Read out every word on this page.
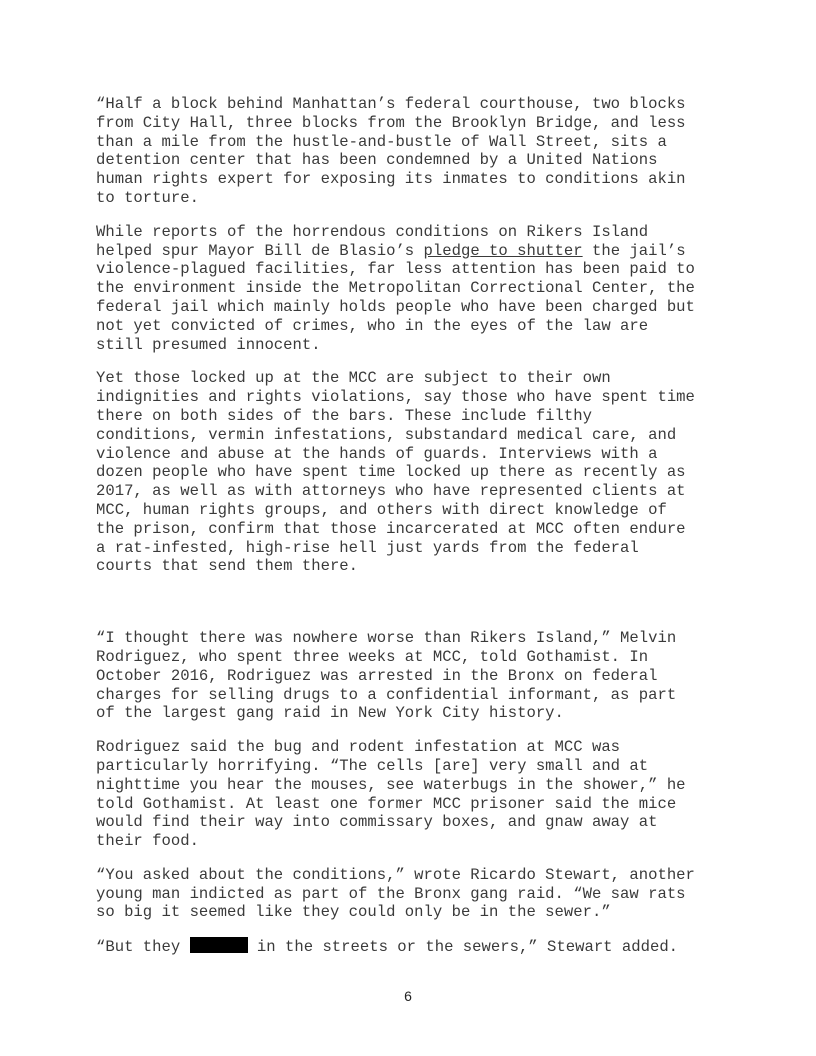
“Half a block behind Manhattan’s federal courthouse, two blocks
from City Hall, three blocks from the Brooklyn Bridge, and less
than a mile from the hustle-and-bustle of Wall Street, sits a
detention center that has been condemned by a United Nations
human rights expert for exposing its inmates to conditions akin
to torture.

While reports of the horrendous conditions on Rikers Island
helped spur Mayor Bill de Blasio’s pledge to shutter the jail’s
violence-plagued facilities, far less attention has been paid to
the environment inside the Metropolitan Correctional Center, the
federal jail which mainly holds people who have been charged but
not yet convicted of crimes, who in the eyes of the law are
still presumed innocent.

Yet those locked up at the MCC are subject to their own
indignities and rights violations, say those who have spent time
there on both sides of the bars. These include filthy
conditions, vermin infestations, substandard medical care, and
violence and abuse at the hands of guards. Interviews with a
dozen people who have spent time locked up there as recently as
2017, as well as with attorneys who have represented clients at
MCC, human rights groups, and others with direct knowledge of
the prison, confirm that those incarcerated at MCC often endure
a rat-infested, high-rise hell just yards from the federal
courts that send them there.

“I thought there was nowhere worse than Rikers Island,” Melvin
Rodriguez, who spent three weeks at MCC, told Gothamist. In
October 2016, Rodriguez was arrested in the Bronx on federal
charges for selling drugs to a confidential informant, as part
of the largest gang raid in New York City history.

Rodriguez said the bug and rodent infestation at MCC was
particularly horrifying. “The cells [are] very small and at
nighttime you hear the mouses, see waterbugs in the shower,” he
told Gothamist. At least one former MCC prisoner said the mice
would find their way into commissary boxes, and gnaw away at
their food.

“You asked about the conditions,” wrote Ricardo Stewart, another
young man indicted as part of the Bronx gang raid. “We saw rats
so big it seemed like they could only be in the sewer.”

“But they	in the streets or the sewers,” Stewart added.

6
